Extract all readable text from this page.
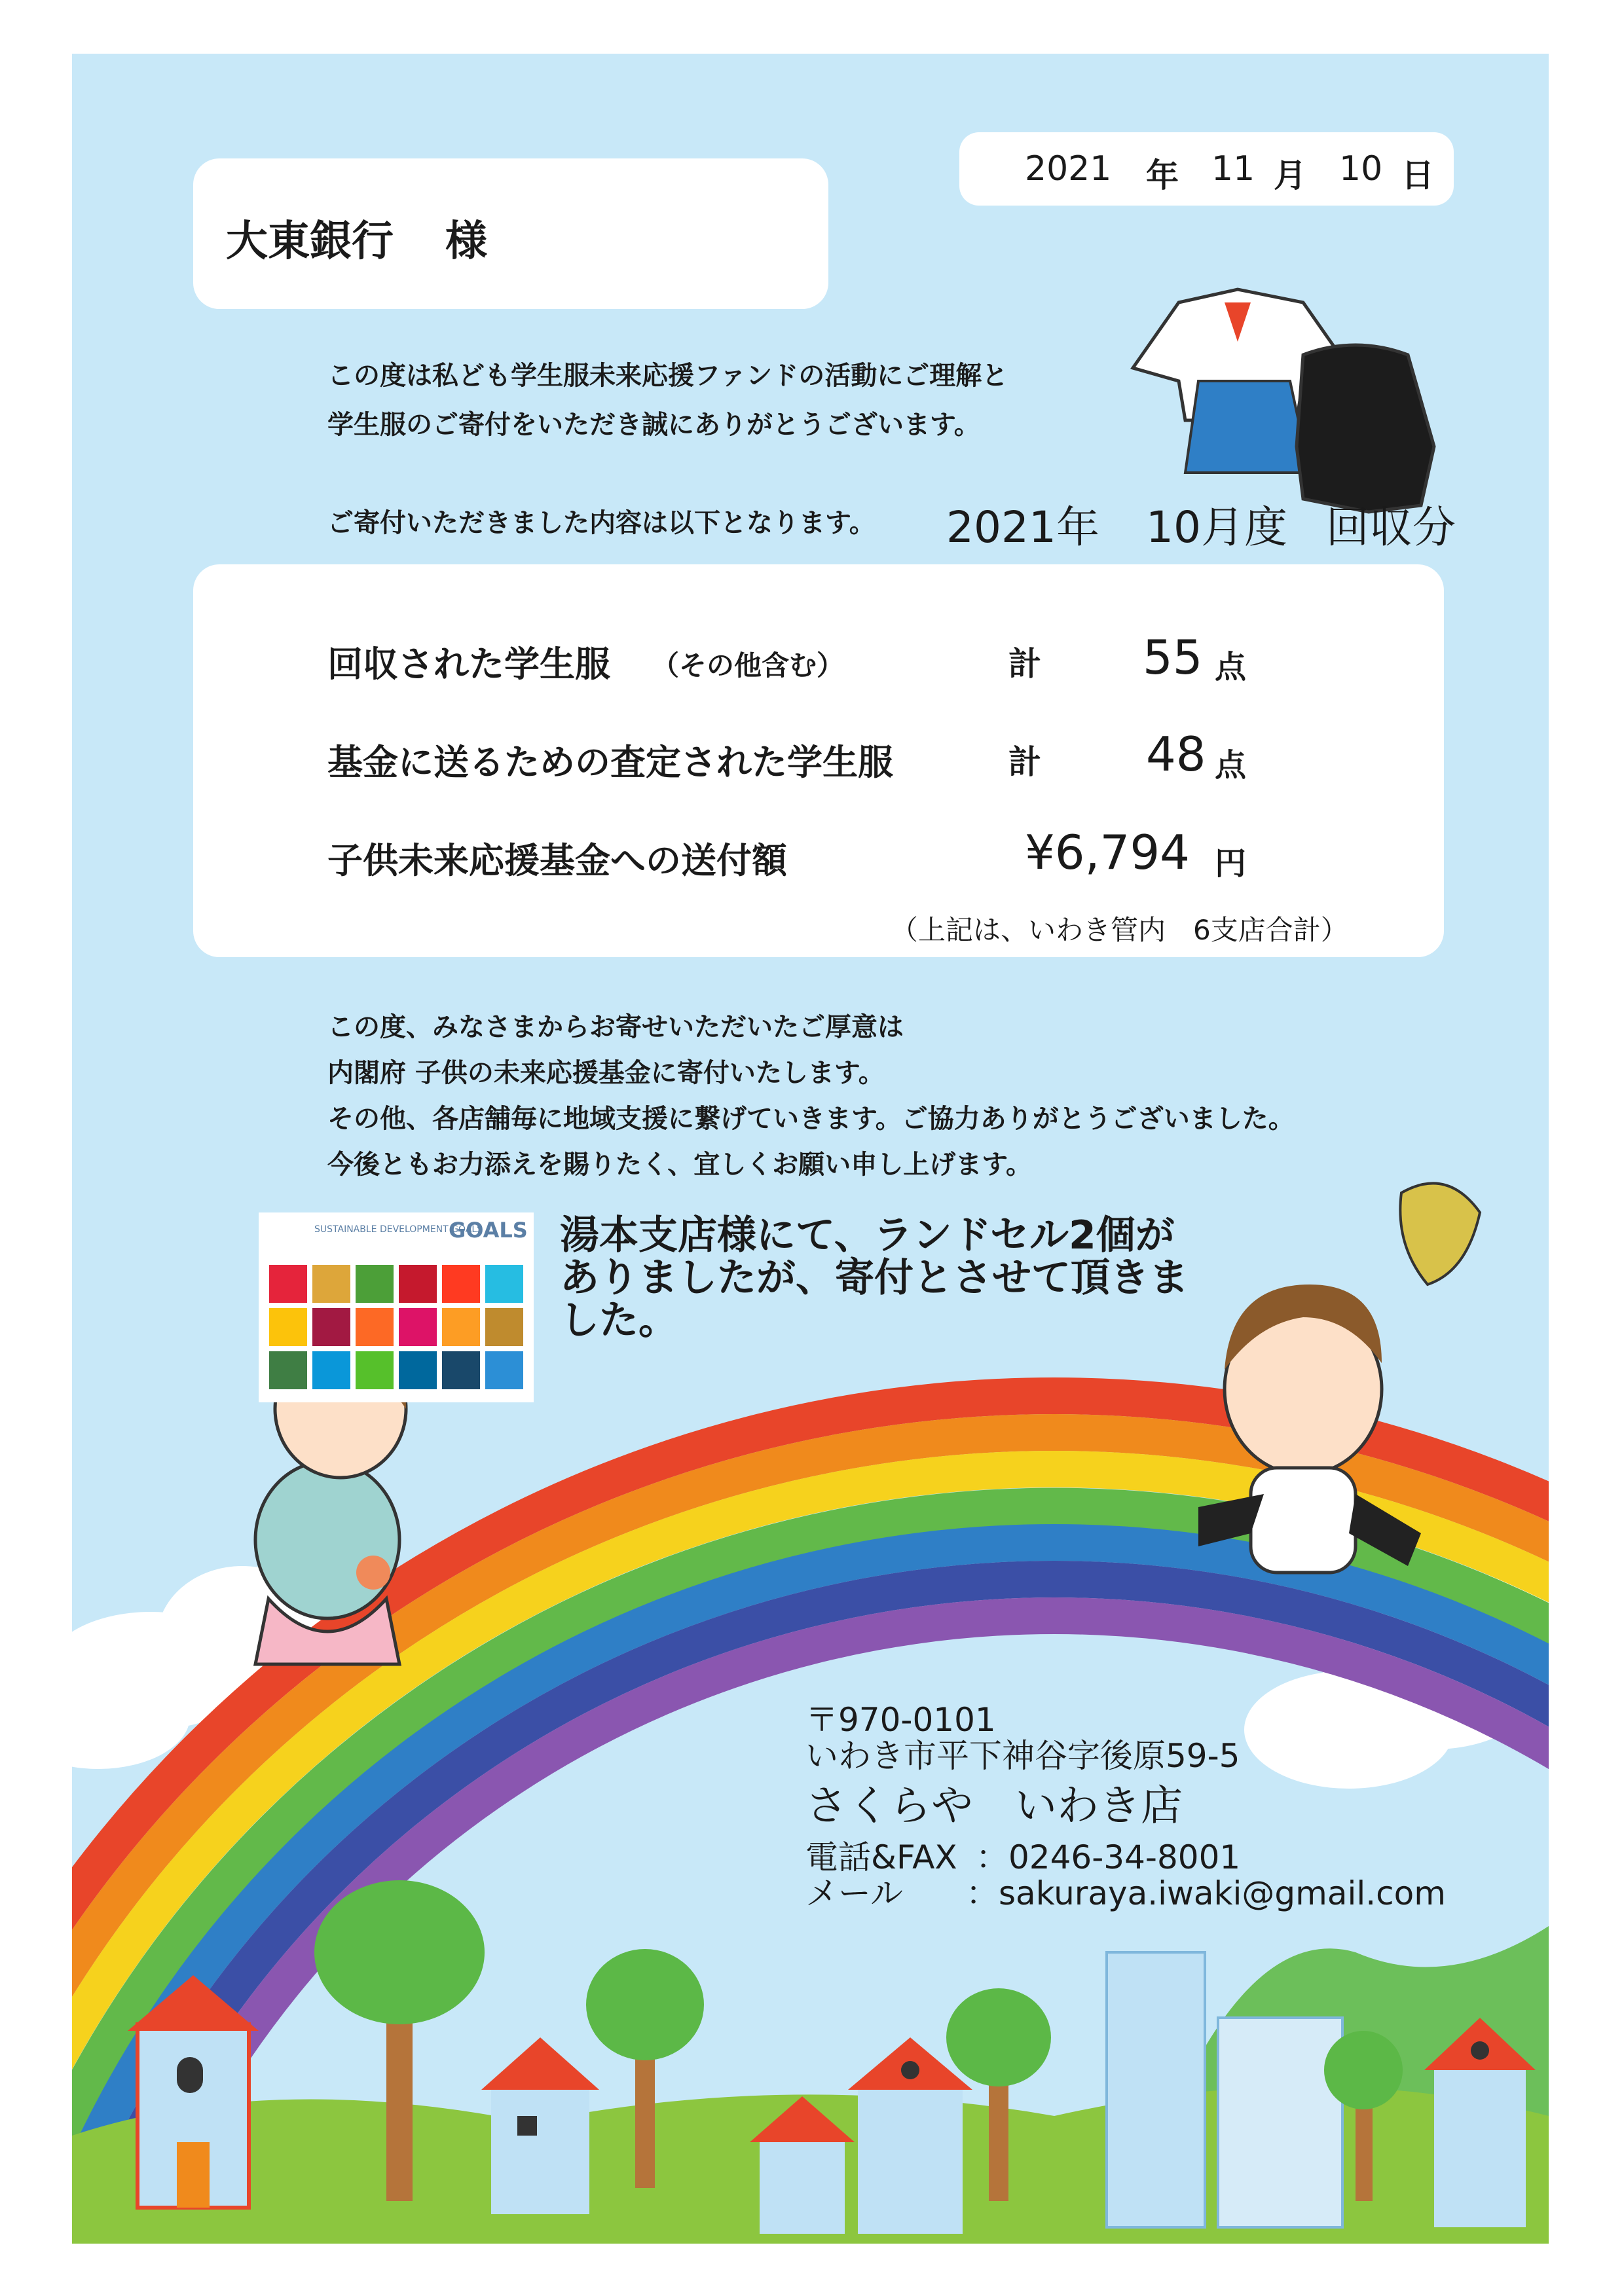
2021 年 11 月 10 日
大東銀行 様
この度は私ども学生服未来応援ファンドの活動にご理解と
学生服のご寄付をいただき誠にありがとうございます。
ご寄付いただきました内容は以下となります。 2021年 10月度 回収分
回収された学生服 （その他含む）	計 55 点
基金に送るための査定された学生服	計 48 点
子供未来応援基金への送付額	¥6,794 円
（上記は、いわき管内　6支店合計）
この度、みなさまからお寄せいただいたご厚意は
内閣府 子供の未来応援基金に寄付いたします。
その他、各店舗毎に地域支援に繋げていきます。ご協力ありがとうございました。
今後ともお力添えを賜りたく、宜しくお願い申し上げます。
SUSTAINABLE DEVELOPMENT GOALS
GOALS 湯本支店様にて、ランドセル2個が
ありましたが、寄付とさせて頂きま
した。
〒970-0101
いわき市平下神谷字後原59-5
さくらや　いわき店
電話&FAX ：0246-34-8001
メール ：sakuraya.iwaki@gmail.com
